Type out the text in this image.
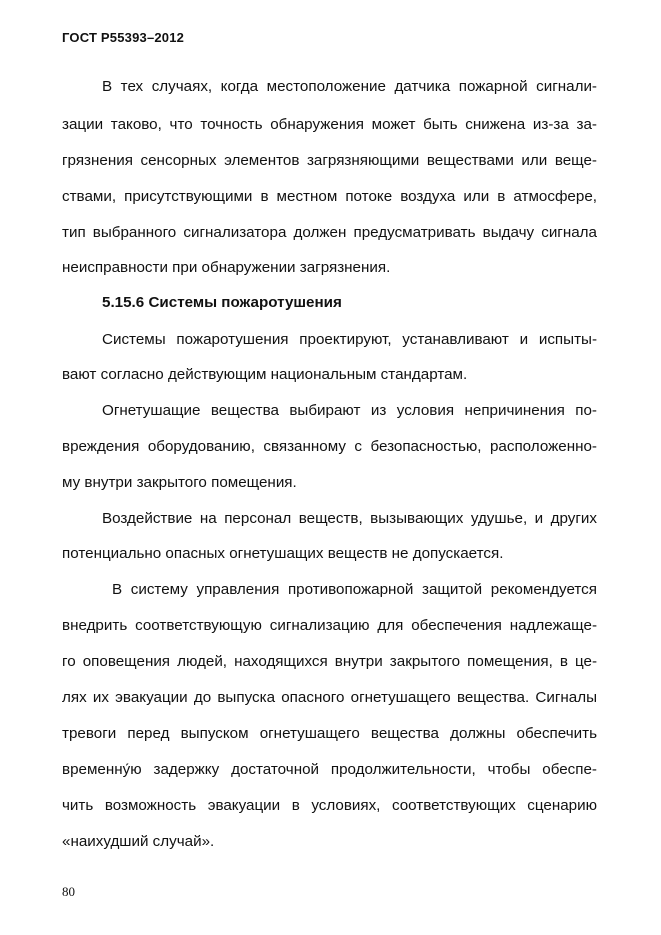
ГОСТ Р55393–2012
В тех случаях, когда местоположение датчика пожарной сигнали-
зации таково, что точность обнаружения может быть снижена из-за за-
грязнения сенсорных элементов загрязняющими веществами или веще-
ствами, присутствующими в местном потоке воздуха или в атмосфере,
тип выбранного сигнализатора должен предусматривать выдачу сигнала
неисправности при обнаружении загрязнения.
5.15.6 Системы пожаротушения
Системы пожаротушения проектируют, устанавливают и испыты-
вают согласно действующим национальным стандартам.
Огнетушащие вещества выбирают из условия непричинения по-
вреждения оборудованию, связанному с безопасностью, расположенно-
му внутри закрытого помещения.
Воздействие на персонал веществ, вызывающих удушье, и других
потенциально опасных огнетушащих веществ не допускается.
В систему управления противопожарной защитой рекомендуется
внедрить соответствующую сигнализацию для обеспечения надлежаще-
го оповещения людей, находящихся внутри закрытого помещения, в це-
лях их эвакуации до выпуска опасного огнетушащего вещества. Сигналы
тревоги перед выпуском огнетушащего вещества должны обеспечить
временну́ю задержку достаточной продолжительности, чтобы обеспе-
чить возможность эвакуации в условиях, соответствующих сценарию
«наихудший случай».
80
